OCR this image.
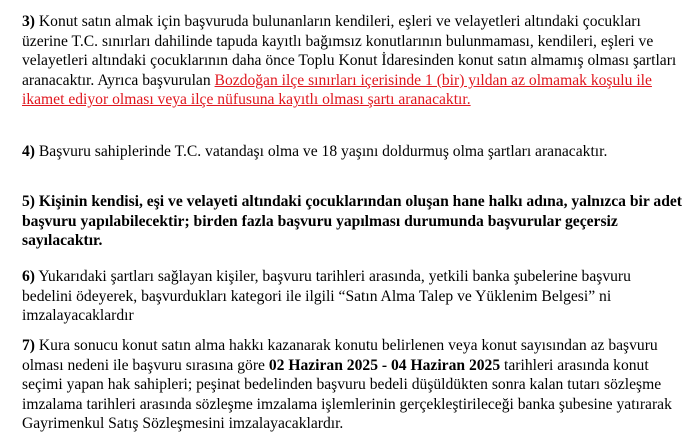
3) Konut satın almak için başvuruda bulunanların kendileri, eşleri ve velayetleri altındaki çocukları üzerine T.C. sınırları dahilinde tapuda kayıtlı bağımsız konutlarının bulunmaması, kendileri, eşleri ve velayetleri altındaki çocuklarının daha önce Toplu Konut İdaresinden konut satın almamış olması şartları aranacaktır. Ayrıca başvurulan Bozdoğan ilçe sınırları içerisinde 1 (bir) yıldan az olmamak koşulu ile ikamet ediyor olması veya ilçe nüfusuna kayıtlı olması şartı aranacaktır.

4) Başvuru sahiplerinde T.C. vatandaşı olma ve 18 yaşını doldurmuş olma şartları aranacaktır.

5) Kişinin kendisi, eşi ve velayeti altındaki çocuklarından oluşan hane halkı adına, yalnızca bir adet başvuru yapılabilecektir; birden fazla başvuru yapılması durumunda başvurular geçersiz sayılacaktır.

6) Yukarıdaki şartları sağlayan kişiler, başvuru tarihleri arasında, yetkili banka şubelerine başvuru bedelini ödeyerek, başvurdukları kategori ile ilgili “Satın Alma Talep ve Yüklenim Belgesi” ni imzalayacaklardır

7) Kura sonucu konut satın alma hakkı kazanarak konutu belirlenen veya konut sayısından az başvuru olması nedeni ile başvuru sırasına göre 02 Haziran 2025 - 04 Haziran 2025 tarihleri arasında konut seçimi yapan hak sahipleri; peşinat bedelinden başvuru bedeli düşüldükten sonra kalan tutarı sözleşme imzalama tarihleri arasında sözleşme imzalama işlemlerinin gerçekleştirileceği banka şubesine yatırarak Gayrimenkul Satış Sözleşmesini imzalayacaklardır.
